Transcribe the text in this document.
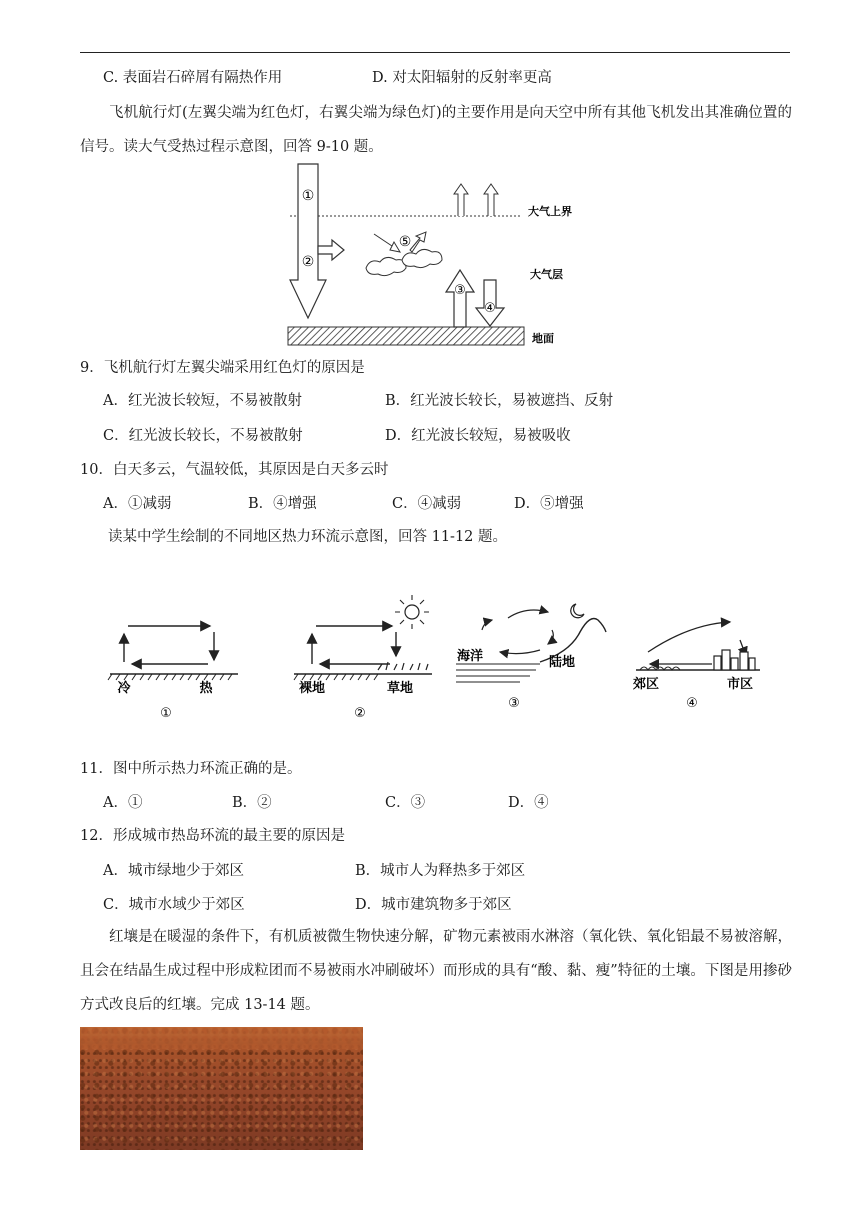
C. 表面岩石碎屑有隔热作用	D. 对太阳辐射的反射率更高
飞机航行灯(左翼尖端为红色灯，右翼尖端为绿色灯)的主要作用是向天空中所有其他飞机发出其准确位置的信号。读大气受热过程示意图，回答 9-10 题。
①
②
⑤
③
④
大气上界
大气层
地面
9．飞机航行灯左翼尖端采用红色灯的原因是
A．红光波长较短，不易被散射	B．红光波长较长，易被遮挡、反射
C．红光波长较长，不易被散射	D．红光波长较短，易被吸收
10．白天多云，气温较低，其原因是白天多云时
A．①减弱	B．④增强	C．④减弱	D．⑤增强
读某中学生绘制的不同地区热力环流示意图，回答 11-12 题。
冷	热
①
裸地	草地
②
海洋	陆地
③
郊区	市区
④
11．图中所示热力环流正确的是。
A．①	B．②	C．③	D．④
12．形成城市热岛环流的最主要的原因是
A．城市绿地少于郊区	B．城市人为释热多于郊区
C．城市水域少于郊区	D．城市建筑物多于郊区
红壤是在暖湿的条件下，有机质被微生物快速分解，矿物元素被雨水淋溶（氧化铁、氧化铝最不易被溶解，且会在结晶生成过程中形成粒团而不易被雨水冲刷破坏）而形成的具有“酸、黏、瘦”特征的土壤。下图是用掺砂方式改良后的红壤。完成 13-14 题。
